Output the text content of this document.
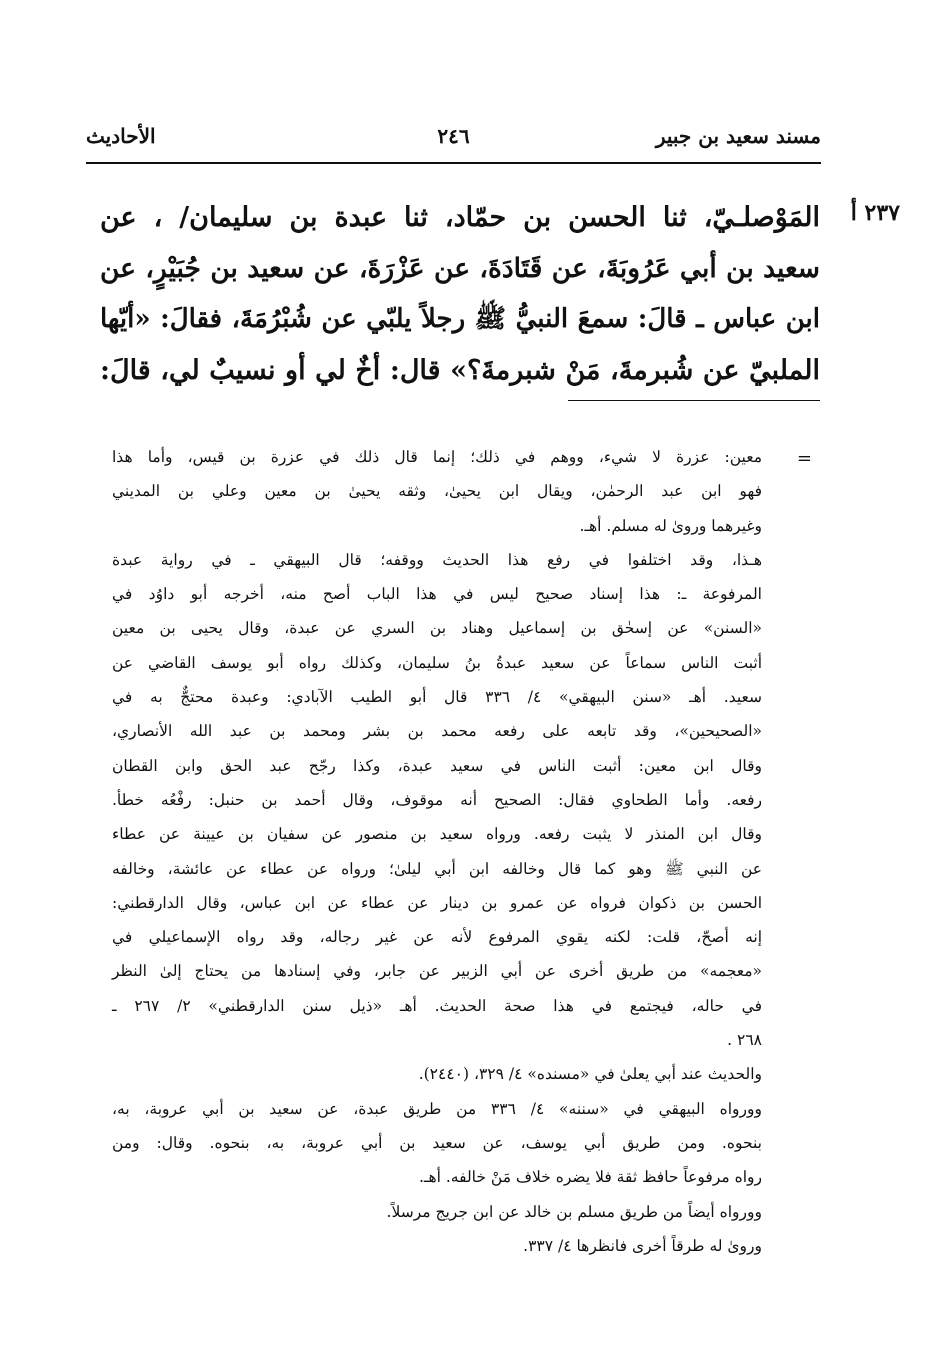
مسند سعيد بن جبير
٢٤٦
الأحاديث
٢٣٧ أ
المَوْصلـيّ، ثنا الحسن بن حمّاد، ثنا عبدة بن سليمان/ ، عن
سعيد بن أبي عَرُوبَةَ، عن قَتَادَةَ، عن عَزْرَةَ، عن سعيد بن جُبَيْرٍ، عن
ابن عباس ـ قالَ: سمعَ النبيُّ ﷺ رجلاً يلبّي عن شُبْرُمَةَ، فقالَ: «أيّها
الملبيّ عن شُبرمةَ، مَنْ شبرمةَ؟» قال: أخٌ لي أو نسيبٌ لي، قالَ:
=
معين: عزرة لا شيء، ووهم في ذلك؛ إنما قال ذلك في عزرة بن قيس، وأما هذا
فهو ابن عبد الرحمٰن، ويقال ابن يحيىٰ، وثقه يحيىٰ بن معين وعلي بن المديني
وغيرهما وروىٰ له مسلم. أهـ.
هـذا، وقد اختلفوا في رفع هذا الحديث ووقفه؛ قال البيهقي ـ في رواية عبدة
المرفوعة ـ: هذا إسناد صحيح ليس في هذا الباب أصح منه، أخرجه أبو داوُد في
«السنن» عن إسحٰق بن إسماعيل وهناد بن السري عن عبدة، وقال يحيى بن معين
أثبت الناس سماعاً عن سعيد عبدةُ بنُ سليمان، وكذلك رواه أبو يوسف القاضي عن
سعيد. أهـ «سنن البيهقي» ٤/ ٣٣٦ قال أبو الطيب الآبادي: وعبدة محتجٌّ به في
«الصحيحين»، وقد تابعه على رفعه محمد بن بشر ومحمد بن عبد الله الأنصاري،
وقال ابن معين: أثبت الناس في سعيد عبدة، وكذا رجّح عبد الحق وابن القطان
رفعه. وأما الطحاوي فقال: الصحيح أنه موقوف، وقال أحمد بن حنبل: رفْعُه خطأ.
وقال ابن المنذر لا يثبت رفعه. ورواه سعيد بن منصور عن سفيان بن عيينة عن عطاء
عن النبي ﷺ وهو كما قال وخالفه ابن أبي ليلىٰ؛ ورواه عن عطاء عن عائشة، وخالفه
الحسن بن ذكوان فرواه عن عمرو بن دينار عن عطاء عن ابن عباس، وقال الدارقطني:
إنه أصحّ، قلت: لكنه يقوي المرفوع لأنه عن غير رجاله، وقد رواه الإسماعيلي في
«معجمه» من طريق أخرى عن أبي الزبير عن جابر، وفي إسنادها من يحتاج إلىٰ النظر
في حاله، فيجتمع في هذا صحة الحديث. أهـ «ذيل سنن الدارقطني» ٢/ ٢٦٧ ـ
٢٦٨ .
والحديث عند أبي يعلىٰ في «مسنده» ٤/ ٣٢٩، (٢٤٤٠).
وورواه البيهقي في «سننه» ٤/ ٣٣٦ من طريق عبدة، عن سعيد بن أبي عروبة، به،
بنحوه. ومن طريق أبي يوسف، عن سعيد بن أبي عروبة، به، بنحوه. وقال: ومن
رواه مرفوعاً حافظ ثقة فلا يضره خلاف مَنْ خالفه. أهـ.
وورواه أيضاً من طريق مسلم بن خالد عن ابن جريج مرسلاً.
وروىٰ له طرقاً أخرى فانظرها ٤/ ٣٣٧.
